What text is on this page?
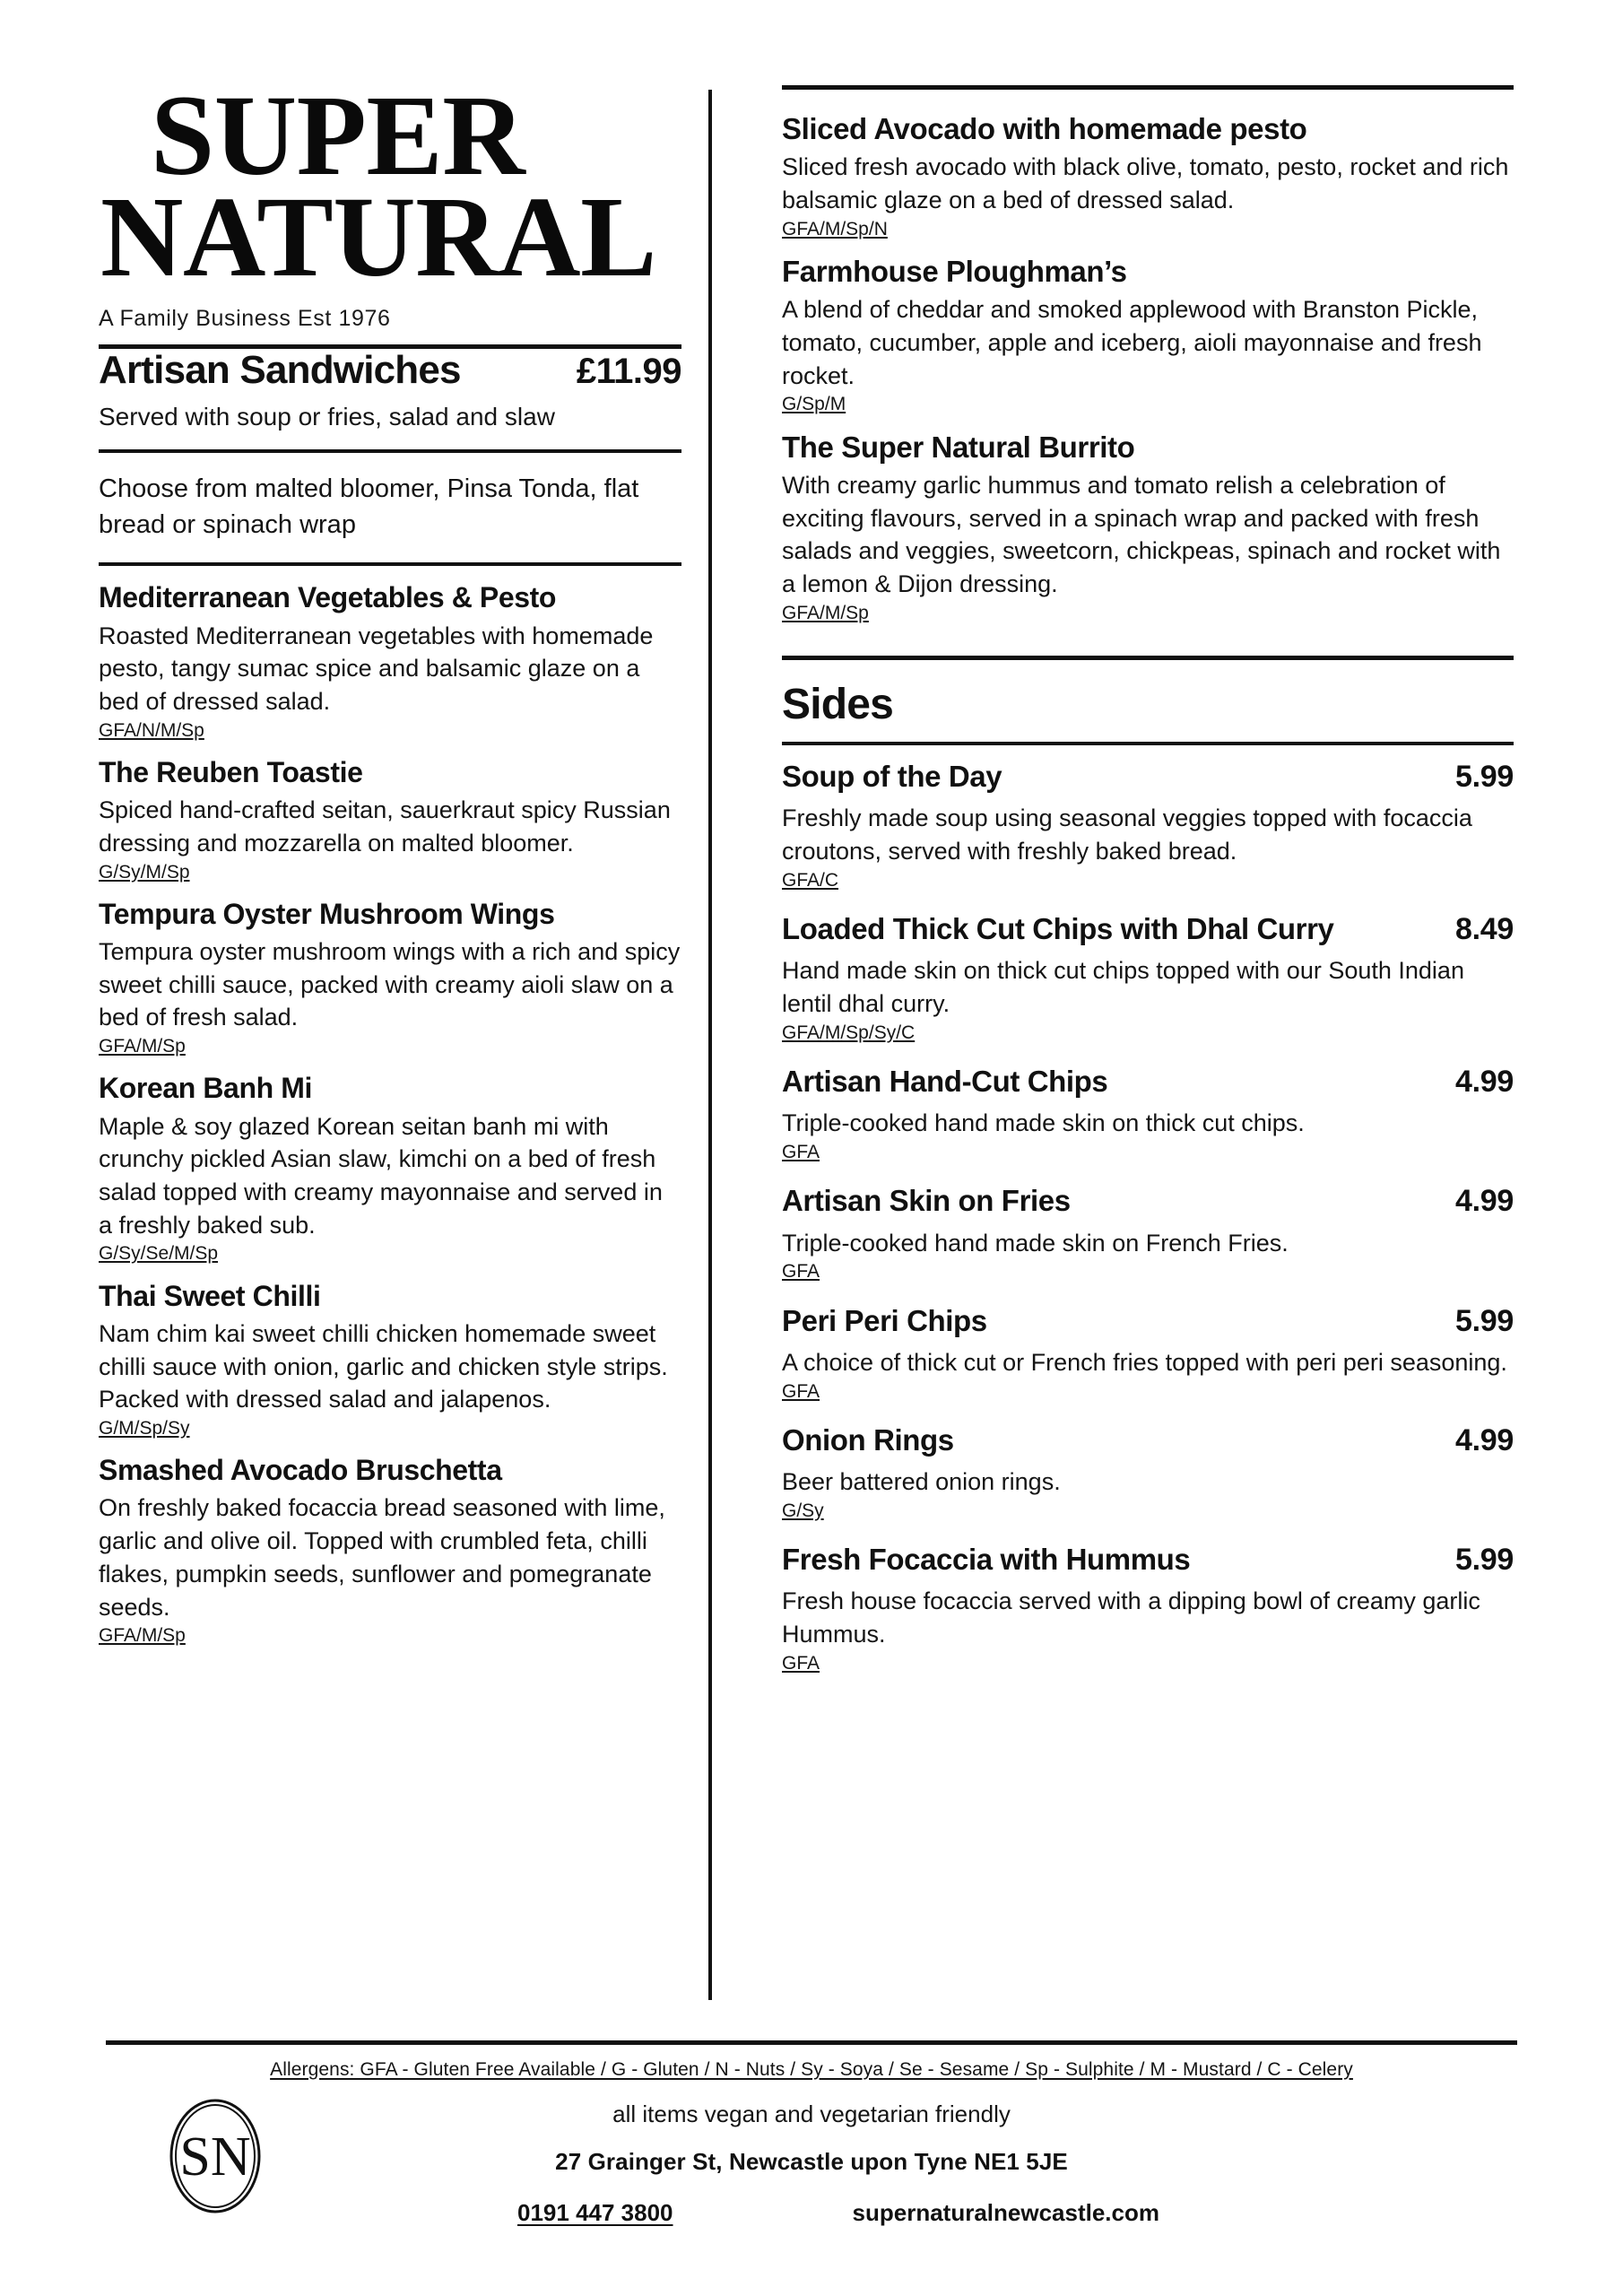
SUPER
NATURAL
A Family Business Est 1976
Artisan Sandwiches	£11.99
Served with soup or fries, salad and slaw
Choose from malted bloomer, Pinsa Tonda, flat bread or spinach wrap
Mediterranean Vegetables & Pesto
Roasted Mediterranean vegetables with homemade pesto, tangy sumac spice and balsamic glaze on a bed of dressed salad.
GFA/N/M/Sp
The Reuben Toastie
Spiced hand-crafted seitan, sauerkraut spicy Russian dressing and mozzarella on malted bloomer.
G/Sy/M/Sp
Tempura Oyster Mushroom Wings
Tempura oyster mushroom wings with a rich and spicy sweet chilli sauce, packed with creamy aioli slaw on a bed of fresh salad.
GFA/M/Sp
Korean Banh Mi
Maple & soy glazed Korean seitan banh mi with crunchy pickled Asian slaw, kimchi on a bed of fresh salad topped with creamy mayonnaise and served in a freshly baked sub.
G/Sy/Se/M/Sp
Thai Sweet Chilli
Nam chim kai sweet chilli chicken homemade sweet chilli sauce with onion, garlic and chicken style strips. Packed with dressed salad and jalapenos.
G/M/Sp/Sy
Smashed Avocado Bruschetta
On freshly baked focaccia bread seasoned with lime, garlic and olive oil. Topped with crumbled feta, chilli flakes, pumpkin seeds, sunflower and pomegranate seeds.
GFA/M/Sp
Sliced Avocado with homemade pesto
Sliced fresh avocado with black olive, tomato, pesto, rocket and rich balsamic glaze on a bed of dressed salad.
GFA/M/Sp/N
Farmhouse Ploughman’s
A blend of cheddar and smoked applewood with Branston Pickle, tomato, cucumber, apple and iceberg, aioli mayonnaise and fresh rocket.
G/Sp/M
The Super Natural Burrito
With creamy garlic hummus and tomato relish a celebration of exciting flavours, served in a spinach wrap and packed with fresh salads and veggies, sweetcorn, chickpeas, spinach and rocket with a lemon & Dijon dressing.
GFA/M/Sp
Sides
Soup of the Day	5.99
Freshly made soup using seasonal veggies topped with focaccia croutons, served with freshly baked bread.
GFA/C
Loaded Thick Cut Chips with Dhal Curry	8.49
Hand made skin on thick cut chips topped with our South Indian lentil dhal curry.
GFA/M/Sp/Sy/C
Artisan Hand-Cut Chips	4.99
Triple-cooked hand made skin on thick cut chips.
GFA
Artisan Skin on Fries	4.99
Triple-cooked hand made skin on French Fries.
GFA
Peri Peri Chips	5.99
A choice of thick cut or French fries topped with peri peri seasoning.
GFA
Onion Rings	4.99
Beer battered onion rings.
G/Sy
Fresh Focaccia with Hummus	5.99
Fresh house focaccia served with a dipping bowl of creamy garlic Hummus.
GFA
Allergens: GFA - Gluten Free Available / G - Gluten / N - Nuts / Sy - Soya / Se - Sesame / Sp - Sulphite / M - Mustard / C - Celery
SN
all items vegan and vegetarian friendly
27 Grainger St, Newcastle upon Tyne NE1 5JE
0191 447 3800	supernaturalnewcastle.com
